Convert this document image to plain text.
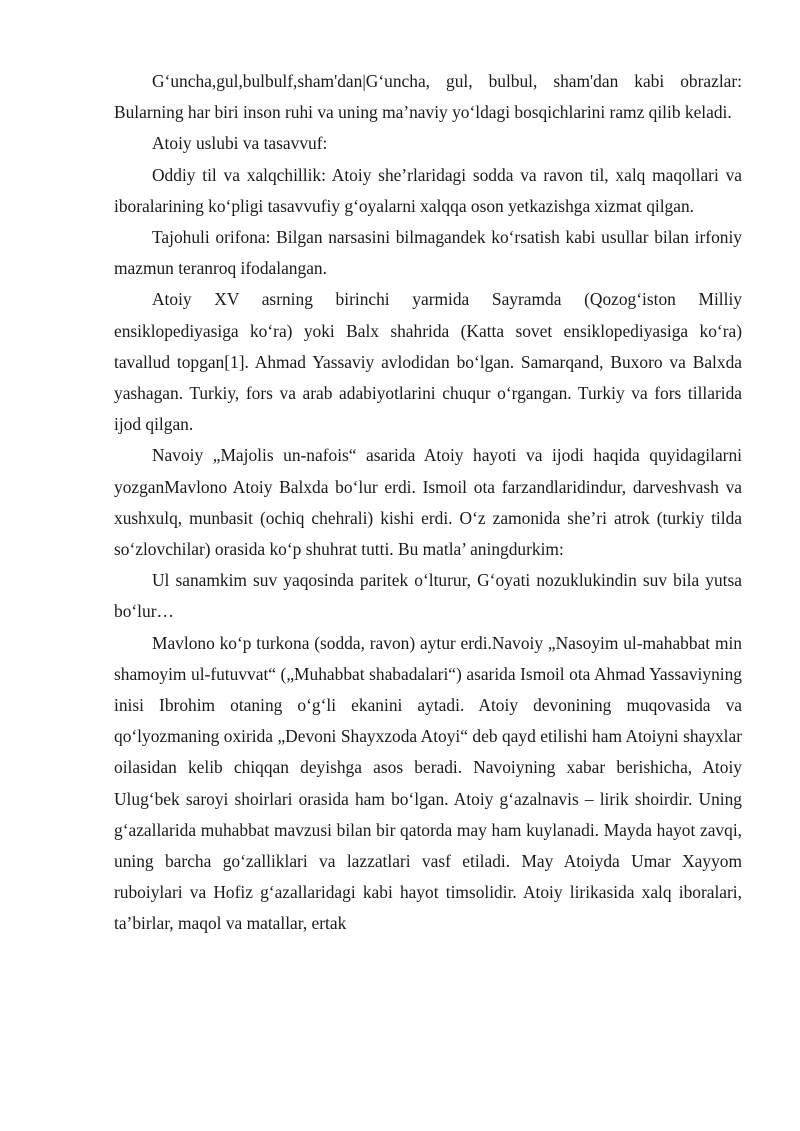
G‘uncha,gul,bulbulf,sham'dan|G‘uncha, gul, bulbul, sham'dan kabi obrazlar: Bularning har biri inson ruhi va uning ma’naviy yo‘ldagi bosqichlarini ramz qilib keladi.

Atoiy uslubi va tasavvuf:

Oddiy til va xalqchillik: Atoiy she’rlaridagi sodda va ravon til, xalq maqollari va iboralarining ko‘pligi tasavvufiy g‘oyalarni xalqqa oson yetkazishga xizmat qilgan.

Tajohuli orifona: Bilgan narsasini bilmagandek ko‘rsatish kabi usullar bilan irfoniy mazmun teranroq ifodalangan.

Atoiy XV asrning birinchi yarmida Sayramda (Qozog‘iston Milliy ensiklopediyasiga ko‘ra) yoki Balx shahrida (Katta sovet ensiklopediyasiga ko‘ra) tavallud topgan[1]. Ahmad Yassaviy avlodidan bo‘lgan. Samarqand, Buxoro va Balxda yashagan. Turkiy, fors va arab adabiyotlarini chuqur o‘rgangan. Turkiy va fors tillarida ijod qilgan.

Navoiy „Majolis un-nafois“ asarida Atoiy hayoti va ijodi haqida quyidagilarni yozganMavlono Atoiy Balxda bo‘lur erdi. Ismoil ota farzandlaridindur, darveshvash va xushxulq, munbasit (ochiq chehrali) kishi erdi. O‘z zamonida she’ri atrok (turkiy tilda so‘zlovchilar) orasida ko‘p shuhrat tutti. Bu matla’ aningdurkim:

Ul sanamkim suv yaqosinda paritek o‘lturur, G‘oyati nozuklukindin suv bila yutsa bo‘lur…

Mavlono ko‘p turkona (sodda, ravon) aytur erdi.Navoiy „Nasoyim ul-mahabbat min shamoyim ul-futuvvat“ („Muhabbat shabadalari“) asarida Ismoil ota Ahmad Yassaviyning inisi Ibrohim otaning o‘g‘li ekanini aytadi. Atoiy devonining muqovasida va qo‘lyozmaning oxirida „Devoni Shayxzoda Atoyi“ deb qayd etilishi ham Atoiyni shayxlar oilasidan kelib chiqqan deyishga asos beradi. Navoiyning xabar berishicha, Atoiy Ulug‘bek saroyi shoirlari orasida ham bo‘lgan. Atoiy g‘azalnavis – lirik shoirdir. Uning g‘azallarida muhabbat mavzusi bilan bir qatorda may ham kuylanadi. Mayda hayot zavqi, uning barcha go‘zalliklari va lazzatlari vasf etiladi. May Atoiyda Umar Xayyom ruboiylari va Hofiz g‘azallaridagi kabi hayot timsolidir. Atoiy lirikasida xalq iboralari, ta’birlar, maqol va matallar, ertak
